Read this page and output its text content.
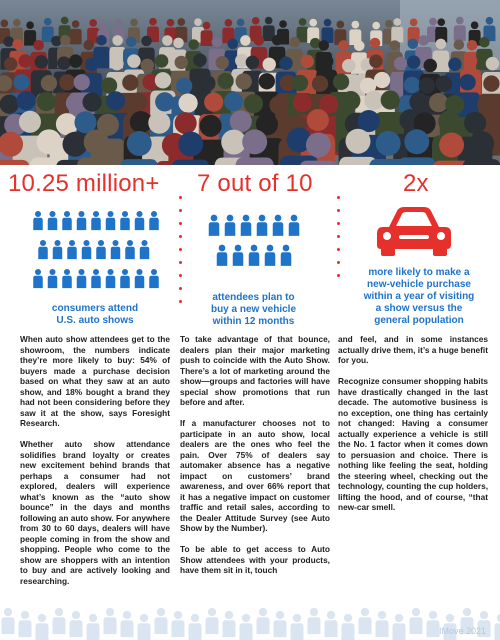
10.25 million+
consumers attend
U.S. auto shows
7 out of 10
attendees plan to
buy a new vehicle
within 12 months
2x
more likely to make a
new-vehicle purchase
within a year of visiting
a show versus the
general population

When auto show attendees get to the showroom, the numbers indicate they’re more likely to buy: 54% of buyers made a purchase decision based on what they saw at an auto show, and 18% bought a brand they had not been considering before they saw it at the show, says Foresight Research.

Whether auto show attendance solidifies brand loyalty or creates new excitement behind brands that perhaps a consumer had not explored, dealers will experience what’s known as the “auto show bounce” in the days and months following an auto show. For anywhere from 30 to 60 days, dealers will have people coming in from the show and shopping. People who come to the show are shoppers with an intention to buy and are actively looking and researching.

To take advantage of that bounce, dealers plan their major marketing push to coincide with the Auto Show. There’s a lot of marketing around the show—groups and factories will have special show promotions that run before and after.

If a manufacturer chooses not to participate in an auto show, local dealers are the ones who feel the pain. Over 75% of dealers say automaker absence has a negative impact on customers’ brand awareness, and over 66% report that it has a negative impact on customer traffic and retail sales, according to the Dealer Attitude Survey (see Auto Show by the Number).

To be able to get access to Auto Show attendees with your products, have them sit in it, touch

and feel, and in some instances actually drive them, it’s a huge benefit for you.

Recognize consumer shopping habits have drastically changed in the last decade. The automotive business is no exception, one thing has certainly not changed: Having a consumer actually experience a vehicle is still the No. 1 factor when it comes down to persuasion and choice. There is nothing like feeling the seat, holding the steering wheel, checking out the technology, counting the cup holders, lifting the hood, and of course, “that new-car smell.

IMove 2021
